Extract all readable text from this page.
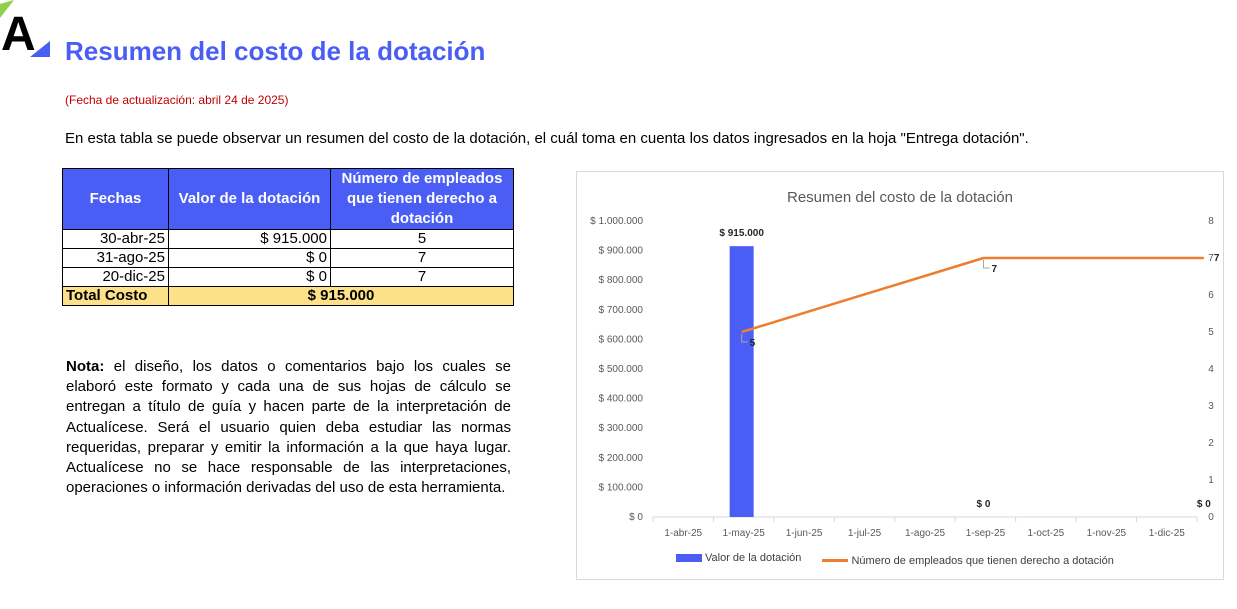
A Resumen del costo de la dotación
(Fecha de actualización: abril 24 de 2025)
En esta tabla se puede observar un resumen del costo de la dotación, el cuál toma en cuenta los datos ingresados en la hoja "Entrega dotación".
Fechas	Valor de la dotación	Número de empleados que tienen derecho a dotación
30-abr-25	$ 915.000	5
31-ago-25	$ 0	7
20-dic-25	$ 0	7
Total Costo	$ 915.000	
Nota: el diseño, los datos o comentarios bajo los cuales se elaboró este formato y cada una de sus hojas de cálculo se entregan a título de guía y hacen parte de la interpretación de Actualícese. Será el usuario quien deba estudiar las normas requeridas, preparar y emitir la información a la que haya lugar. Actualícese no se hace responsable de las interpretaciones, operaciones o información derivadas del uso de esta herramienta.
Resumen del costo de la dotación
$ 0
$ 100.000
$ 200.000
$ 300.000
$ 400.000
$ 500.000
$ 600.000
$ 700.000
$ 800.000
$ 900.000
$ 1.000.000
0
1
2
3
4
5
6
7
8
1-abr-25 1-may-25 1-jun-25	1-jul-25 1-ago-25 1-sep-25 1-oct-25 1-nov-25 1-dic-25
$ 915.000
$ 0	$ 0
5
7
7
Valor de la dotación
	Número de empleados que tienen derecho a dotación
